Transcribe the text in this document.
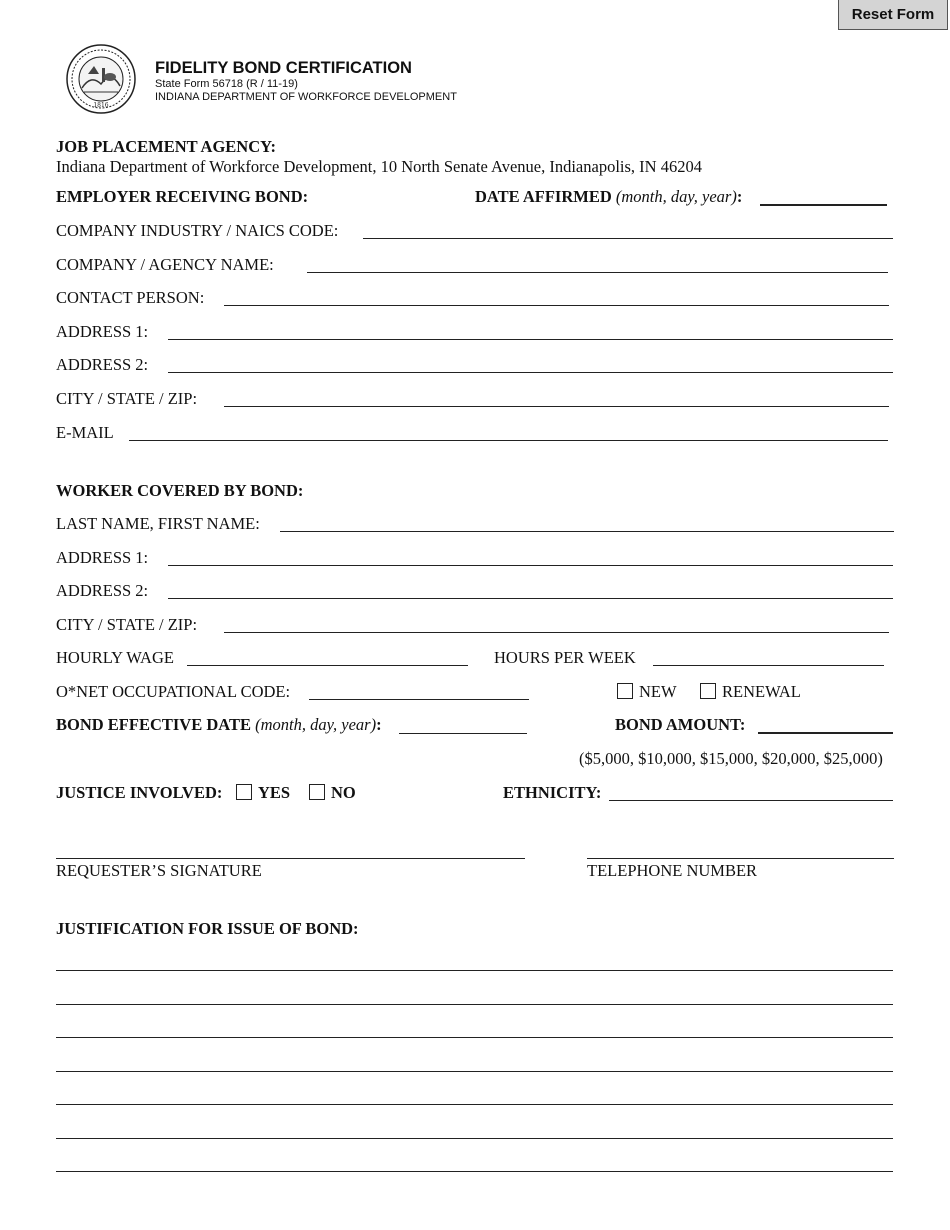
Reset Form
1816
FIDELITY BOND CERTIFICATION
State Form 56718 (R / 11-19)
INDIANA DEPARTMENT OF WORKFORCE DEVELOPMENT
JOB PLACEMENT AGENCY:
Indiana Department of Workforce Development, 10 North Senate Avenue, Indianapolis, IN 46204
EMPLOYER RECEIVING BOND:	DATE AFFIRMED (month, day, year):
COMPANY INDUSTRY / NAICS CODE:
COMPANY / AGENCY NAME:
CONTACT PERSON:
ADDRESS 1:
ADDRESS 2:
CITY / STATE / ZIP:
E-MAIL
WORKER COVERED BY BOND:
LAST NAME, FIRST NAME:
ADDRESS 1:
ADDRESS 2:
CITY / STATE / ZIP:
HOURLY WAGE	HOURS PER WEEK
O*NET OCCUPATIONAL CODE:	NEW	RENEWAL
BOND EFFECTIVE DATE (month, day, year):	BOND AMOUNT:
($5,000, $10,000, $15,000, $20,000, $25,000)
JUSTICE INVOLVED:	YES	NO	ETHNICITY:
REQUESTER’S SIGNATURE	TELEPHONE NUMBER
JUSTIFICATION FOR ISSUE OF BOND:
